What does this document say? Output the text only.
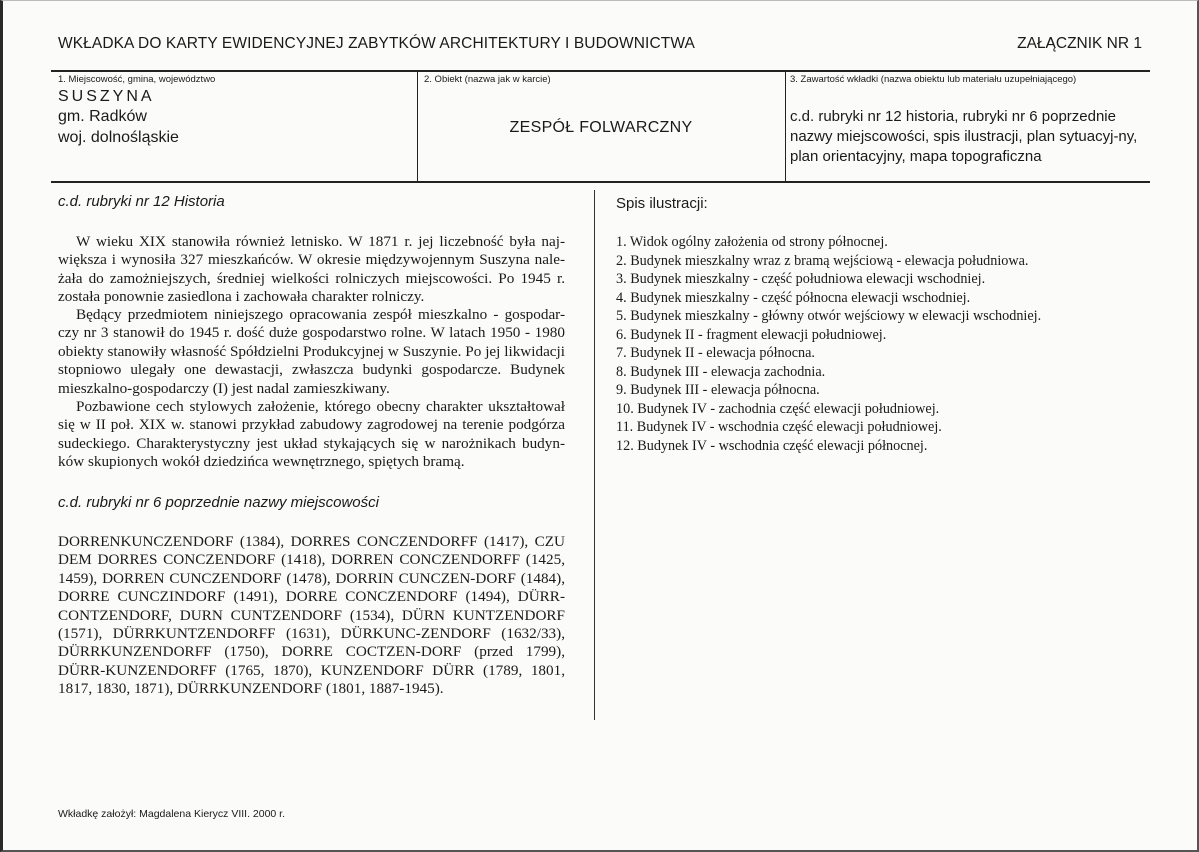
WKŁADKA DO KARTY EWIDENCYJNEJ ZABYTKÓW ARCHITEKTURY I BUDOWNICTWA	ZAŁĄCZNIK NR 1
1. Miejscowość, gmina, województwo
SUSZYNA
gm. Radków
woj. dolnośląskie
2. Obiekt (nazwa jak w karcie)
ZESPÓŁ FOLWARCZNY
3. Zawartość wkładki (nazwa obiektu lub materiału uzupełniającego)
c.d. rubryki nr 12 historia, rubryki nr 6 poprzednie nazwy miejscowości, spis ilustracji, plan sytuacyj-ny, plan orientacyjny, mapa topograficzna
c.d. rubryki nr 12 Historia

W wieku XIX stanowiła również letnisko. W 1871 r. jej liczebność była naj-większa i wynosiła 327 mieszkańców. W okresie międzywojennym Suszyna nale-żała do zamożniejszych, średniej wielkości rolniczych miejscowości. Po 1945 r. została ponownie zasiedlona i zachowała charakter rolniczy.

Będący przedmiotem niniejszego opracowania zespół mieszkalno - gospodar-czy nr 3 stanowił do 1945 r. dość duże gospodarstwo rolne. W latach 1950 - 1980 obiekty stanowiły własność Spółdzielni Produkcyjnej w Suszynie. Po jej likwidacji stopniowo ulegały one dewastacji, zwłaszcza budynki gospodarcze. Budynek mieszkalno-gospodarczy (I) jest nadal zamieszkiwany.

Pozbawione cech stylowych założenie, którego obecny charakter ukształtował się w II poł. XIX w. stanowi przykład zabudowy zagrodowej na terenie podgórza sudeckiego. Charakterystyczny jest układ stykających się w narożnikach budyn-ków skupionych wokół dziedzińca wewnętrznego, spiętych bramą.

c.d. rubryki nr 6 poprzednie nazwy miejscowości

DORRENKUNCZENDORF (1384), DORRES CONCZENDORFF (1417), CZU DEM DORRES CONCZENDORF (1418), DORREN CONCZENDORFF (1425, 1459), DORREN CUNCZENDORF (1478), DORRIN CUNCZEN-DORF (1484), DORRE CUNCZINDORF (1491), DORRE CONCZENDORF (1494), DÜRR-CONTZENDORF, DURN CUNTZENDORF (1534), DÜRN KUNTZENDORF (1571), DÜRRKUNTZENDORFF (1631), DÜRKUNC-ZENDORF (1632/33), DÜRRKUNZENDORFF (1750), DORRE COCTZEN-DORF (przed 1799), DÜRR-KUNZENDORFF (1765, 1870), KUNZENDORF DÜRR (1789, 1801, 1817, 1830, 1871), DÜRRKUNZENDORF (1801, 1887-1945).

Spis ilustracji:
1. Widok ogólny założenia od strony północnej.
2. Budynek mieszkalny wraz z bramą wejściową - elewacja południowa.
3. Budynek mieszkalny - część południowa elewacji wschodniej.
4. Budynek mieszkalny - część północna elewacji wschodniej.
5. Budynek mieszkalny - główny otwór wejściowy w elewacji wschodniej.
6. Budynek II - fragment elewacji południowej.
7. Budynek II - elewacja północna.
8. Budynek III - elewacja zachodnia.
9. Budynek III - elewacja północna.
10. Budynek IV - zachodnia część elewacji południowej.
11. Budynek IV - wschodnia część elewacji południowej.
12. Budynek IV - wschodnia część elewacji północnej.
Wkładkę założył: Magdalena Kierycz VIII. 2000 r.
